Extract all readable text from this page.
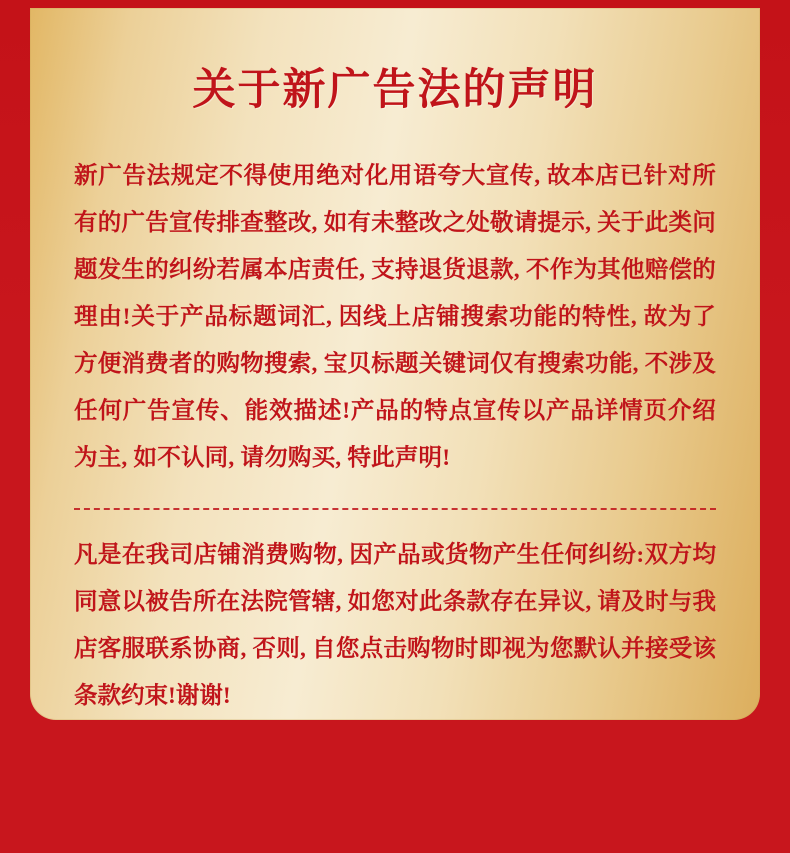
关于新广告法的声明

新广告法规定不得使用绝对化用语夸大宣传, 故本店已针对所有的广告宣传排查整改, 如有未整改之处敬请提示, 关于此类问题发生的纠纷若属本店责任, 支持退货退款, 不作为其他赔偿的理由!关于产品标题词汇, 因线上店铺搜索功能的特性, 故为了方便消费者的购物搜索, 宝贝标题关键词仅有搜索功能, 不涉及任何广告宣传、能效描述!产品的特点宣传以产品详情页介绍为主, 如不认同, 请勿购买, 特此声明!

凡是在我司店铺消费购物, 因产品或货物产生任何纠纷:双方均同意以被告所在法院管辖, 如您对此条款存在异议, 请及时与我店客服联系协商, 否则, 自您点击购物时即视为您默认并接受该条款约束!谢谢!
